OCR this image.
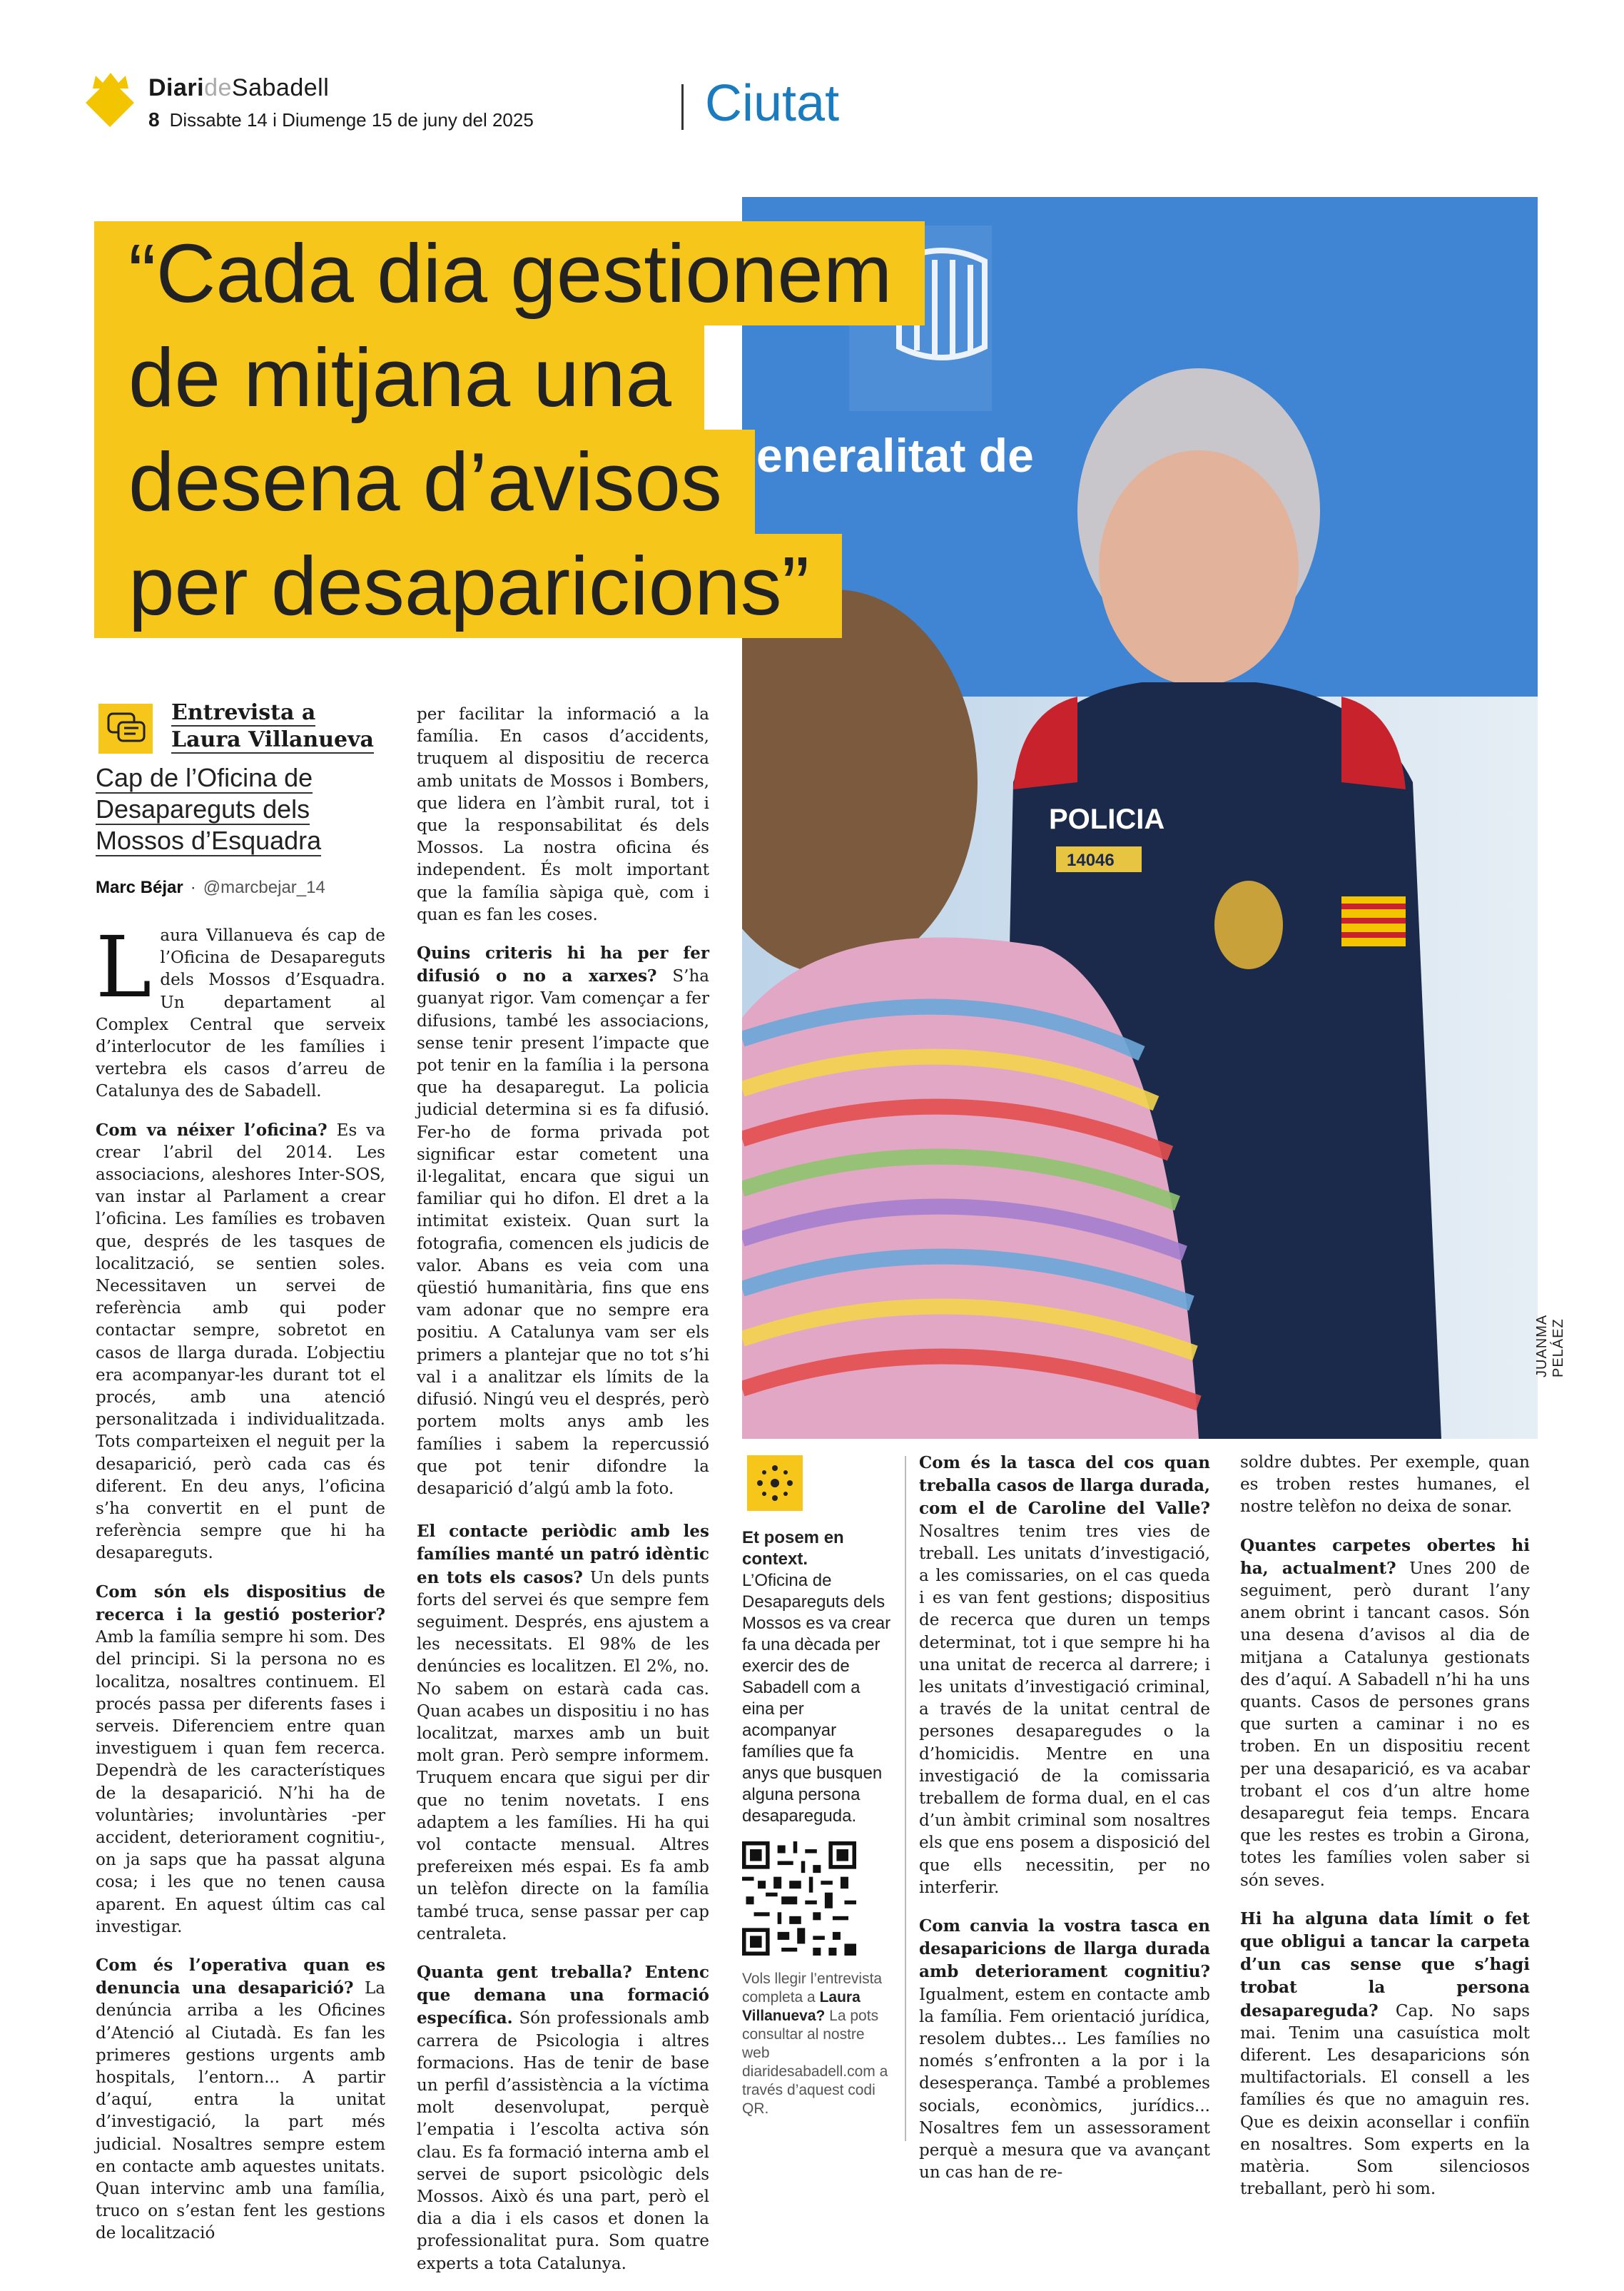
DiarideSabadell
8 Dissabte 14 i Diumenge 15 de juny del 2025	Ciutat
eneralitat de
14046
POLICIA
JUANMA PELÁEZ
“Cada dia gestionem
de mitjana una
desena d’avisos
per desaparicions”
Entrevista a
Laura Villanueva
Cap de l’Oficina de
Desapareguts dels
Mossos d’Esquadra
Marc Béjar · @marcbejar_14

Laura Villanueva és cap de l’Oficina de Desapareguts dels Mossos d’Esquadra. Un departament al Complex Central que serveix d’interlocutor de les famílies i vertebra els casos d’arreu de Catalunya des de Sabadell.

Com va néixer l’oficina? Es va crear l’abril del 2014. Les associacions, aleshores Inter-SOS, van instar al Parlament a crear l’oficina. Les famílies es trobaven que, després de les tasques de localització, se sentien soles. Necessitaven un servei de referència amb qui poder contactar sempre, sobretot en casos de llarga durada. L’objectiu era acompanyar-les durant tot el procés, amb una atenció personalitzada i individualitzada. Tots comparteixen el neguit per la desaparició, però cada cas és diferent. En deu anys, l’oficina s’ha convertit en el punt de referència sempre que hi ha desapareguts.

Com són els dispositius de recerca i la gestió posterior? Amb la família sempre hi som. Des del principi. Si la persona no es localitza, nosaltres continuem. El procés passa per diferents fases i serveis. Diferenciem entre quan investiguem i quan fem recerca. Dependrà de les característiques de la desaparició. N’hi ha de voluntàries; involuntàries -per accident, deteriorament cognitiu-, on ja saps que ha passat alguna cosa; i les que no tenen causa aparent. En aquest últim cas cal investigar.

Com és l’operativa quan es denuncia una desaparició? La denúncia arriba a les Oficines d’Atenció al Ciutadà. Es fan les primeres gestions urgents amb hospitals, l’entorn... A partir d’aquí, entra la unitat d’investigació, la part més judicial. Nosaltres sempre estem en contacte amb aquestes unitats. Quan intervinc amb una família, truco on s’estan fent les gestions de localització

per facilitar la informació a la família. En casos d’accidents, truquem al dispositiu de recerca amb unitats de Mossos i Bombers, que lidera en l’àmbit rural, tot i que la responsabilitat és dels Mossos. La nostra oficina és independent. És molt important que la família sàpiga què, com i quan es fan les coses.

Quins criteris hi ha per fer difusió o no a xarxes? S’ha guanyat rigor. Vam començar a fer difusions, també les associacions, sense tenir present l’impacte que pot tenir en la família i la persona que ha desaparegut. La policia judicial determina si es fa difusió. Fer-ho de forma privada pot significar estar cometent una il·legalitat, encara que sigui un familiar qui ho difon. El dret a la intimitat existeix. Quan surt la fotografia, comencen els judicis de valor. Abans es veia com una qüestió humanitària, fins que ens vam adonar que no sempre era positiu. A Catalunya vam ser els primers a plantejar que no tot s’hi val i a analitzar els límits de la difusió. Ningú veu el després, però portem molts anys amb les famílies i sabem la repercussió que pot tenir difondre la desaparició d’algú amb la foto.

El contacte periòdic amb les famílies manté un patró idèntic en tots els casos? Un dels punts forts del servei és que sempre fem seguiment. Després, ens ajustem a les necessitats. El 98% de les denúncies es localitzen. El 2%, no. No sabem on estarà cada cas. Quan acabes un dispositiu i no has localitzat, marxes amb un buit molt gran. Però sempre informem. Truquem encara que sigui per dir que no tenim novetats. I ens adaptem a les famílies. Hi ha qui vol contacte mensual. Altres prefereixen més espai. Es fa amb un telèfon directe on la família també truca, sense passar per cap centraleta.

Quanta gent treballa? Entenc que demana una formació específica. Són professionals amb carrera de Psicologia i altres formacions. Has de tenir de base un perfil d’assistència a la víctima molt desenvolupat, perquè l’empatia i l’escolta activa són clau. Es fa formació interna amb el servei de suport psicològic dels Mossos. Això és una part, però el dia a dia i els casos et donen la professionalitat pura. Som quatre experts a tota Catalunya.

Et posem en context.
L’Oficina de Desapareguts dels Mossos es va crear fa una dècada per exercir des de Sabadell com a eina per acompanyar famílies que fa anys que busquen alguna persona desapareguda.
Vols llegir l’entrevista completa a Laura Villanueva? La pots consultar al nostre web diaridesabadell.com a través d’aquest codi QR.

Com és la tasca del cos quan treballa casos de llarga durada, com el de Caroline del Valle? Nosaltres tenim tres vies de treball. Les unitats d’investigació, a les comissaries, on el cas queda i es van fent gestions; dispositius de recerca que duren un temps determinat, tot i que sempre hi ha una unitat de recerca al darrere; i les unitats d’investigació criminal, a través de la unitat central de persones desaparegudes o la d’homicidis. Mentre en una investigació de la comissaria treballem de forma dual, en el cas d’un àmbit criminal som nosaltres els que ens posem a disposició del que ells necessitin, per no interferir.

Com canvia la vostra tasca en desaparicions de llarga durada amb deteriorament cognitiu? Igualment, estem en contacte amb la família. Fem orientació jurídica, resolem dubtes... Les famílies no només s’enfronten a la por i la desesperança. També a problemes socials, econòmics, jurídics... Nosaltres fem un assessorament perquè a mesura que va avançant un cas han de re-

soldre dubtes. Per exemple, quan es troben restes humanes, el nostre telèfon no deixa de sonar.

Quantes carpetes obertes hi ha, actualment? Unes 200 de seguiment, però durant l’any anem obrint i tancant casos. Són una desena d’avisos al dia de mitjana a Catalunya gestionats des d’aquí. A Sabadell n’hi ha uns quants. Casos de persones grans que surten a caminar i no es troben. En un dispositiu recent per una desaparició, es va acabar trobant el cos d’un altre home desaparegut feia temps. Encara que les restes es trobin a Girona, totes les famílies volen saber si són seves.

Hi ha alguna data límit o fet que obligui a tancar la carpeta d’un cas sense que s’hagi trobat la persona desapareguda? Cap. No saps mai. Tenim una casuística molt diferent. Les desaparicions són multifactorials. El consell a les famílies és que no amaguin res. Que es deixin aconsellar i confiïn en nosaltres. Som experts en la matèria. Som silenciosos treballant, però hi som.
